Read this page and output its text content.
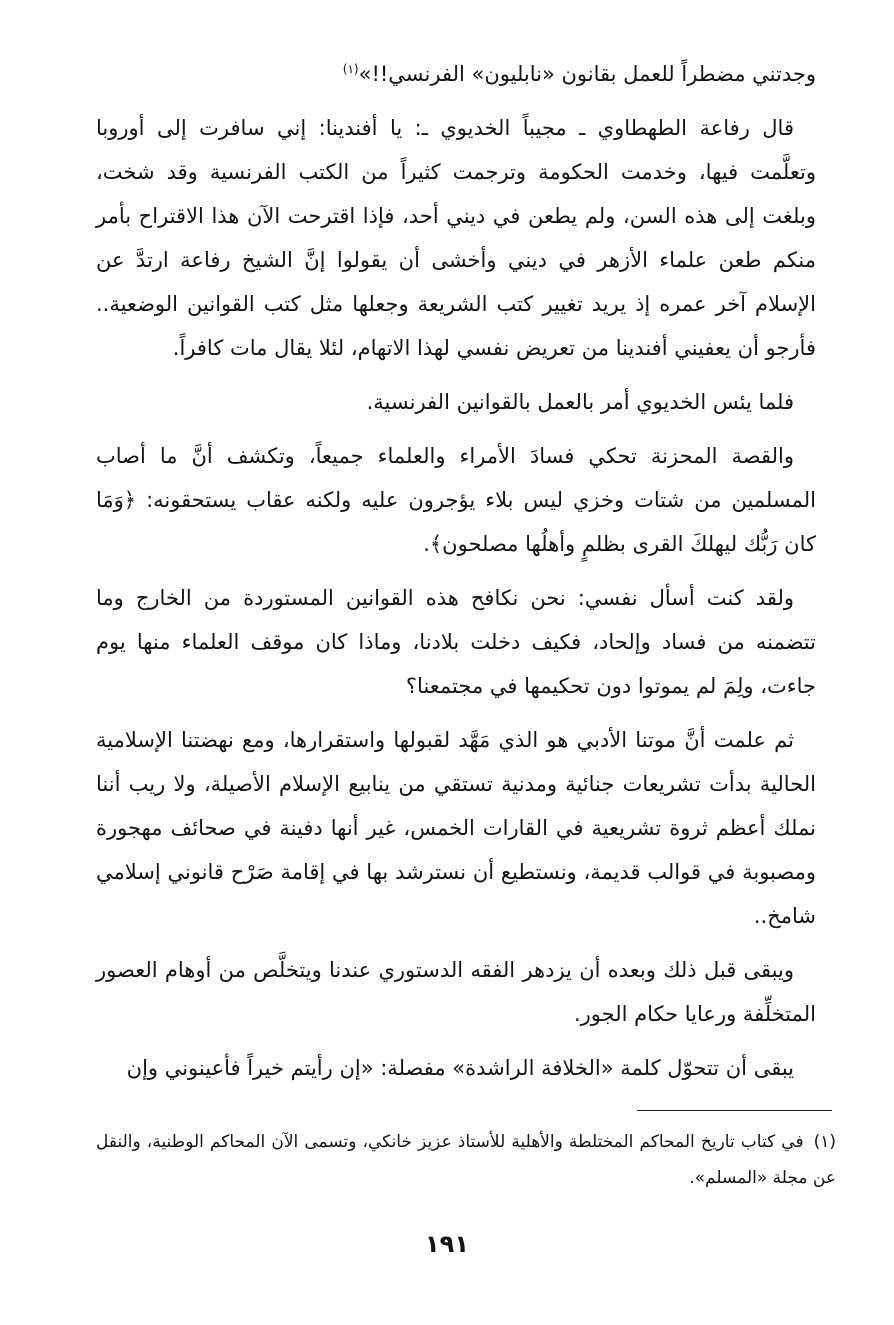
وجدتني مضطراً للعمل بقانون «نابليون» الفرنسي!!»$^{(١)}$

قال رفاعة الطهطاوي ـ مجيباً الخديوي ـ: يا أفندينا: إني سافرت إلى أوروبا وتعلَّمت فيها، وخدمت الحكومة وترجمت كثيراً من الكتب الفرنسية وقد شخت، وبلغت إلى هذه السن، ولم يطعن في ديني أحد، فإذا اقترحت الآن هذا الاقتراح بأمر منكم طعن علماء الأزهر في ديني وأخشى أن يقولوا إنَّ الشيخ رفاعة ارتدَّ عن الإسلام آخر عمره إذ يريد تغيير كتب الشريعة وجعلها مثل كتب القوانين الوضعية.. فأرجو أن يعفيني أفندينا من تعريض نفسي لهذا الاتهام، لئلا يقال مات كافراً.

فلما يئس الخديوي أمر بالعمل بالقوانين الفرنسية.

والقصة المحزنة تحكي فسادَ الأمراء والعلماء جميعاً، وتكشف أنَّ ما أصاب المسلمين من شتات وخزي ليس بلاء يؤجرون عليه ولكنه عقاب يستحقونه: ﴿وَمَا كان رَبُّك ليهلكَ القرى بظلمٍ وأهلُها مصلحون﴾.

ولقد كنت أسأل نفسي: نحن نكافح هذه القوانين المستوردة من الخارج وما تتضمنه من فساد وإلحاد، فكيف دخلت بلادنا، وماذا كان موقف العلماء منها يوم جاءت، ولِمَ لم يموتوا دون تحكيمها في مجتمعنا؟

ثم علمت أنَّ موتنا الأدبي هو الذي مَهَّد لقبولها واستقرارها، ومع نهضتنا الإسلامية الحالية بدأت تشريعات جنائية ومدنية تستقي من ينابيع الإسلام الأصيلة، ولا ريب أننا نملك أعظم ثروة تشريعية في القارات الخمس، غير أنها دفينة في صحائف مهجورة ومصبوبة في قوالب قديمة، ونستطيع أن نسترشد بها في إقامة صَرْح قانوني إسلامي شامخ..

ويبقى قبل ذلك وبعده أن يزدهر الفقه الدستوري عندنا ويتخلَّص من أوهام العصور المتخلِّفة ورعايا حكام الجور.

يبقى أن تتحوّل كلمة «الخلافة الراشدة» مفصلة: «إن رأيتم خيراً فأعينوني وإن

(١)في كتاب تاريخ المحاكم المختلطة والأهلية للأستاذ عزيز خانكي، وتسمى الآن المحاكم الوطنية، والنقل عن مجلة «المسلم».
١٩١
